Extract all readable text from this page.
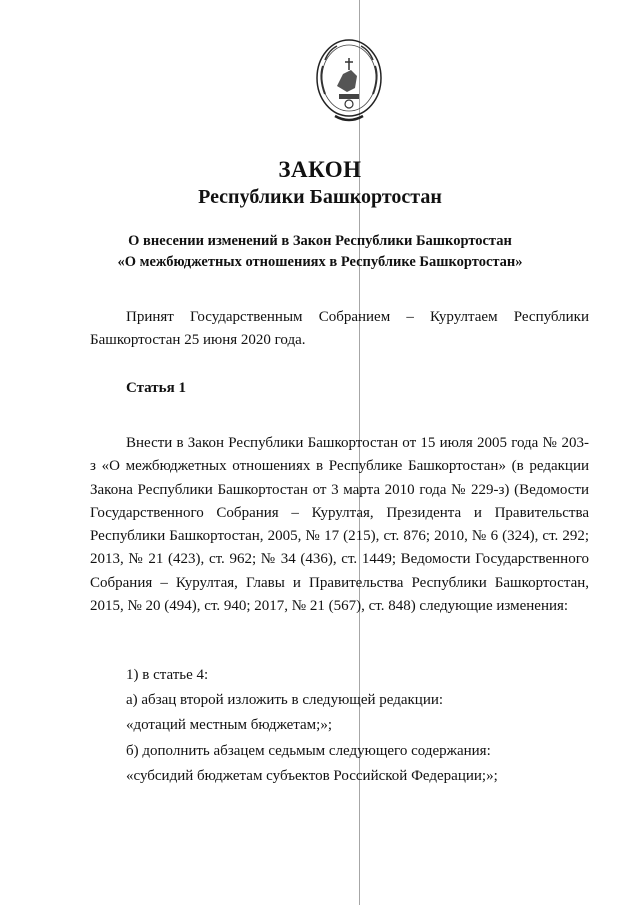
ЗАКОН
Республики Башкортостан

О внесении изменений в Закон Республики Башкортостан

«О межбюджетных отношениях в Республике Башкортостан»

Принят Государственным Собранием – Курултаем Республики Башкортостан 25 июня 2020 года.

Статья 1

Внести в Закон Республики Башкортостан от 15 июля 2005 года № 203-з «О межбюджетных отношениях в Республике Башкортостан» (в редакции Закона Республики Башкортостан от 3 марта 2010 года № 229-з) (Ведомости Государственного Собрания – Курултая, Президента и Правительства Республики Башкортостан, 2005, № 17 (215), ст. 876; 2010, № 6 (324), ст. 292; 2013, № 21 (423), ст. 962; № 34 (436), ст. 1449; Ведомости Государственного Собрания – Курултая, Главы и Правительства Республики Башкортостан, 2015, № 20 (494), ст. 940; 2017, № 21 (567), ст. 848) следующие изменения:

1) в статье 4:

а) абзац второй изложить в следующей редакции:

«дотаций местным бюджетам;»;

б) дополнить абзацем седьмым следующего содержания:

«субсидий бюджетам субъектов Российской Федерации;»;
